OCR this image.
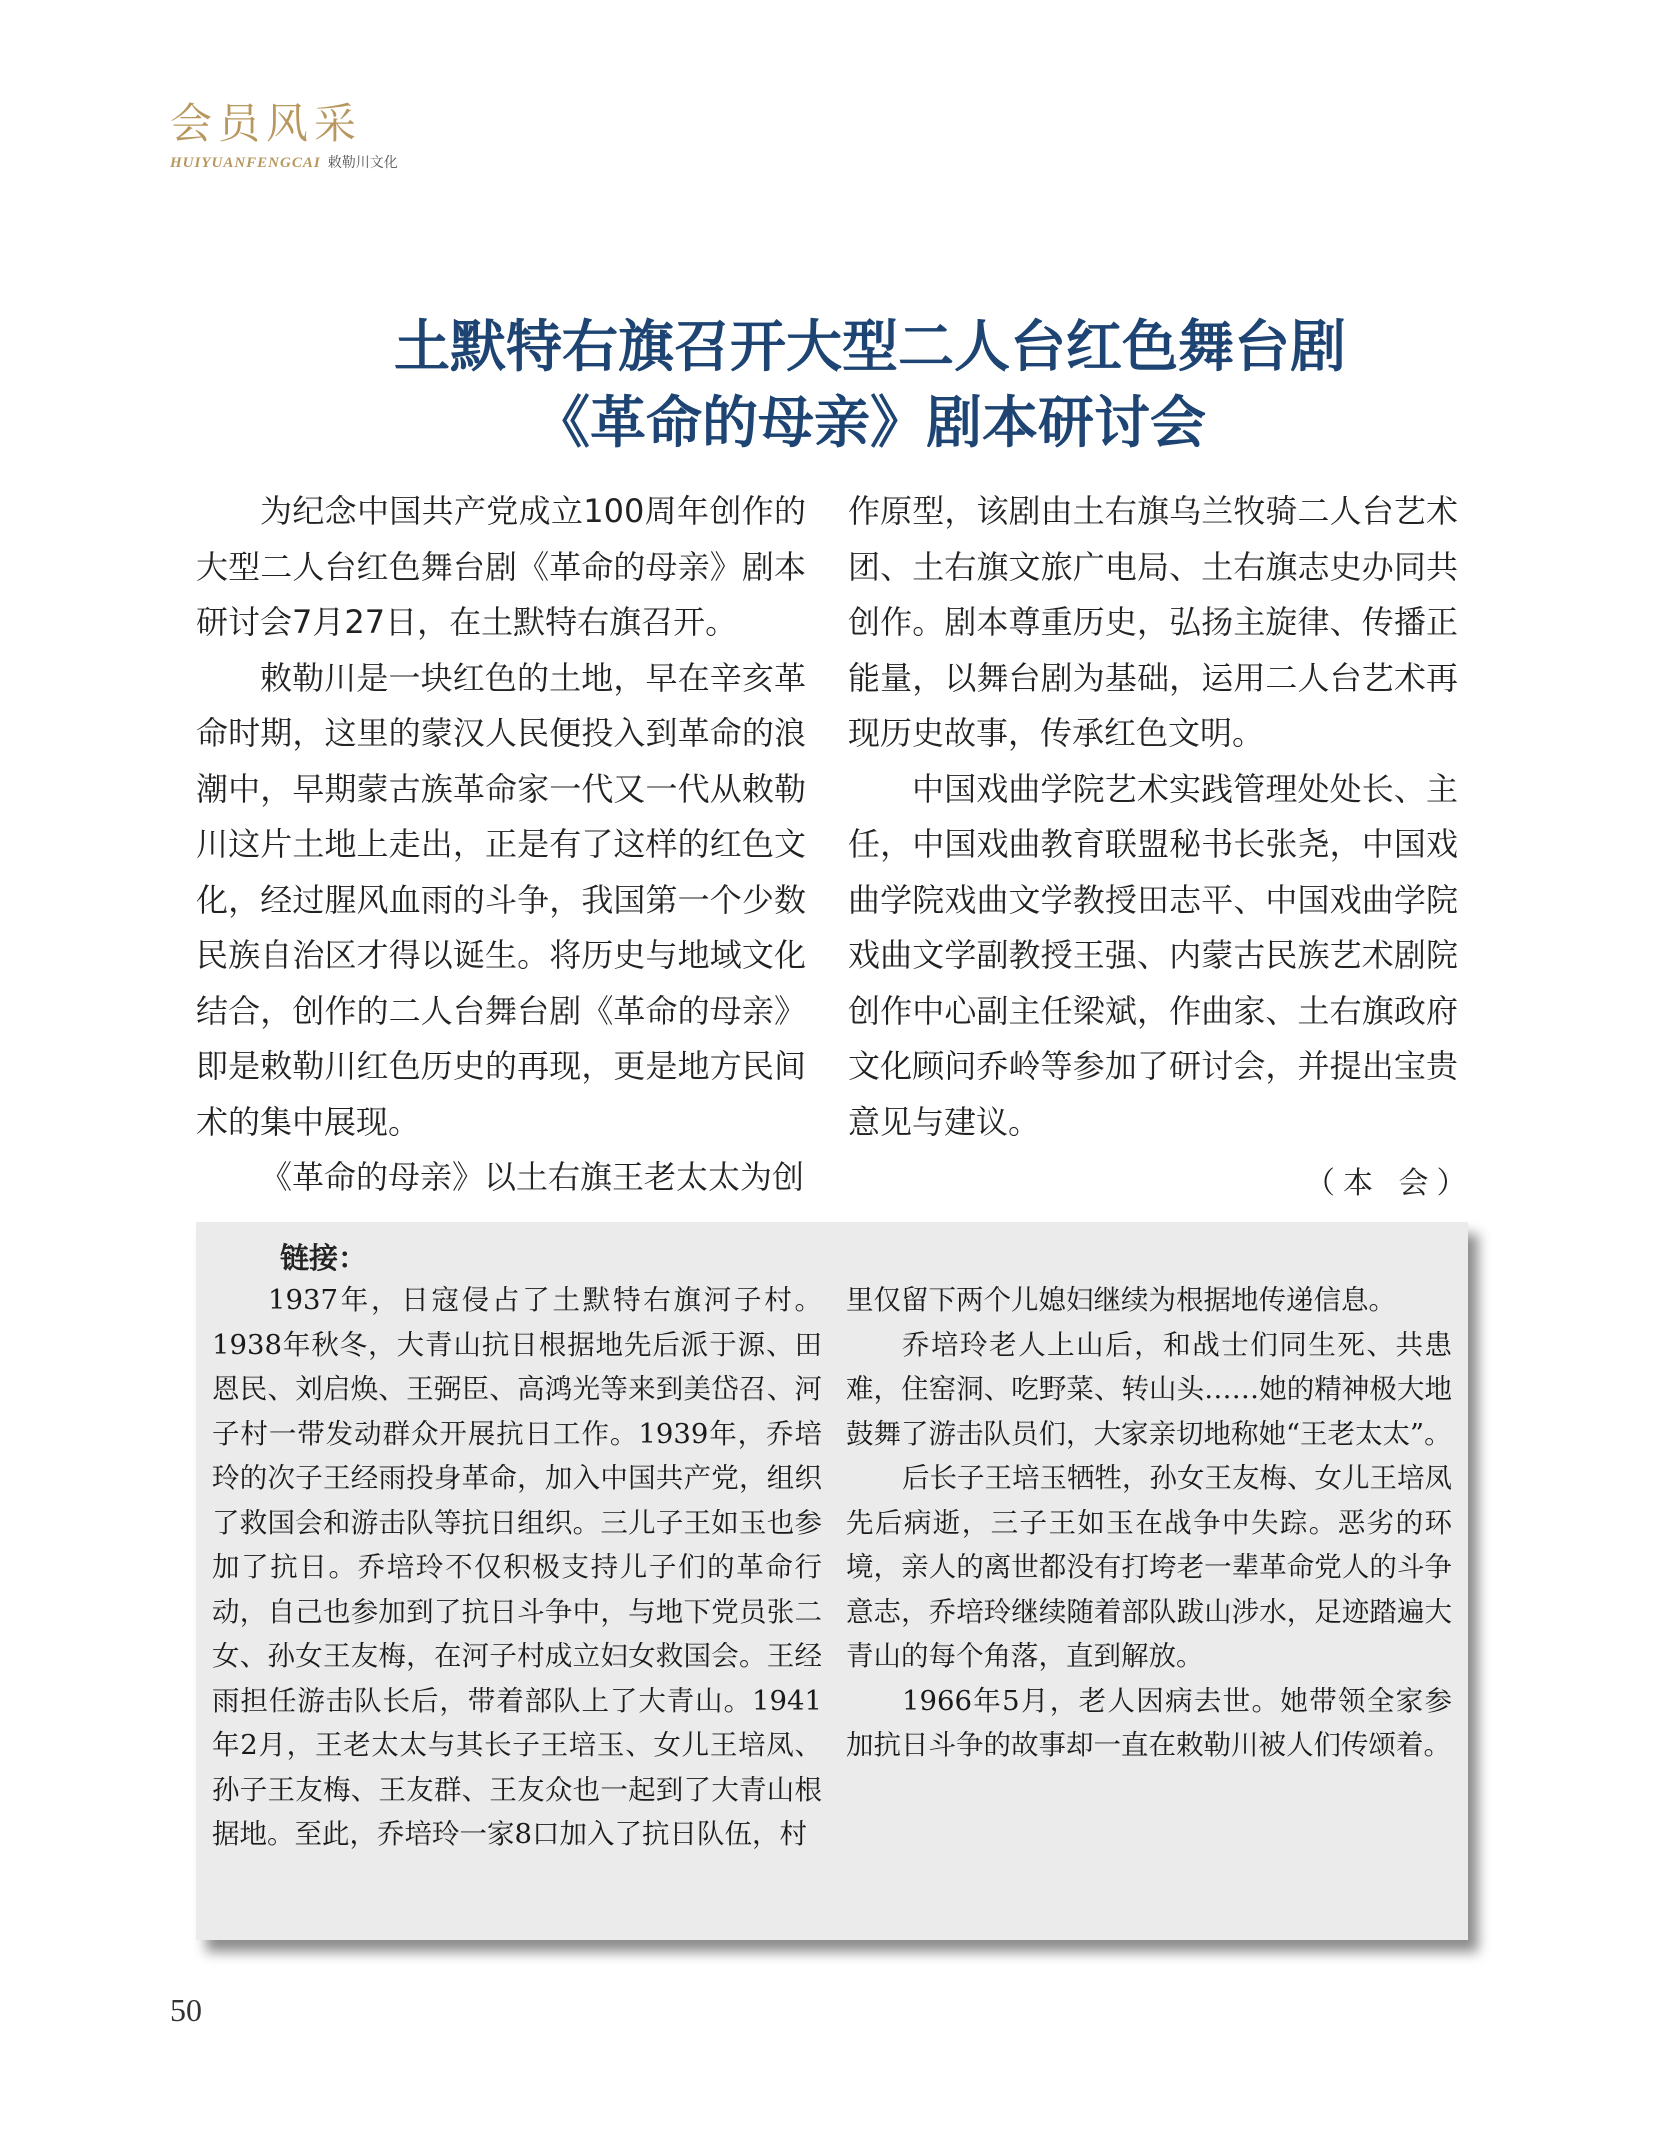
会员风采
HUIYUANFENGCAI 敕勒川文化
土默特右旗召开大型二人台红色舞台剧
《革命的母亲》剧本研讨会

为纪念中国共产党成立100周年创作的大型二人台红色舞台剧《革命的母亲》剧本研讨会7月27日，在土默特右旗召开。

敕勒川是一块红色的土地，早在辛亥革命时期，这里的蒙汉人民便投入到革命的浪潮中，早期蒙古族革命家一代又一代从敕勒川这片土地上走出，正是有了这样的红色文化，经过腥风血雨的斗争，我国第一个少数民族自治区才得以诞生。将历史与地域文化结合，创作的二人台舞台剧《革命的母亲》即是敕勒川红色历史的再现，更是地方民间术的集中展现。

《革命的母亲》以土右旗王老太太为创

作原型，该剧由土右旗乌兰牧骑二人台艺术团、土右旗文旅广电局、土右旗志史办同共创作。剧本尊重历史，弘扬主旋律、传播正能量，以舞台剧为基础，运用二人台艺术再现历史故事，传承红色文明。

中国戏曲学院艺术实践管理处处长、主任，中国戏曲教育联盟秘书长张尧，中国戏曲学院戏曲文学教授田志平、中国戏曲学院戏曲文学副教授王强、内蒙古民族艺术剧院创作中心副主任梁斌，作曲家、土右旗政府文化顾问乔岭等参加了研讨会，并提出宝贵意见与建议。

（本 会）
链接：

1937年，日寇侵占了土默特右旗河子村。1938年秋冬，大青山抗日根据地先后派于源、田恩民、刘启焕、王弼臣、高鸿光等来到美岱召、河子村一带发动群众开展抗日工作。1939年，乔培玲的次子王经雨投身革命，加入中国共产党，组织了救国会和游击队等抗日组织。三儿子王如玉也参加了抗日。乔培玲不仅积极支持儿子们的革命行动，自己也参加到了抗日斗争中，与地下党员张二女、孙女王友梅，在河子村成立妇女救国会。王经雨担任游击队长后，带着部队上了大青山。1941年2月，王老太太与其长子王培玉、女儿王培凤、孙子王友梅、王友群、王友众也一起到了大青山根据地。至此，乔培玲一家8口加入了抗日队伍，村

里仅留下两个儿媳妇继续为根据地传递信息。

乔培玲老人上山后，和战士们同生死、共患难，住窑洞、吃野菜、转山头……她的精神极大地鼓舞了游击队员们，大家亲切地称她“王老太太”。

后长子王培玉牺牲，孙女王友梅、女儿王培凤先后病逝，三子王如玉在战争中失踪。恶劣的环境，亲人的离世都没有打垮老一辈革命党人的斗争意志，乔培玲继续随着部队跋山涉水，足迹踏遍大青山的每个角落，直到解放。

1966年5月，老人因病去世。她带领全家参加抗日斗争的故事却一直在敕勒川被人们传颂着。

50
